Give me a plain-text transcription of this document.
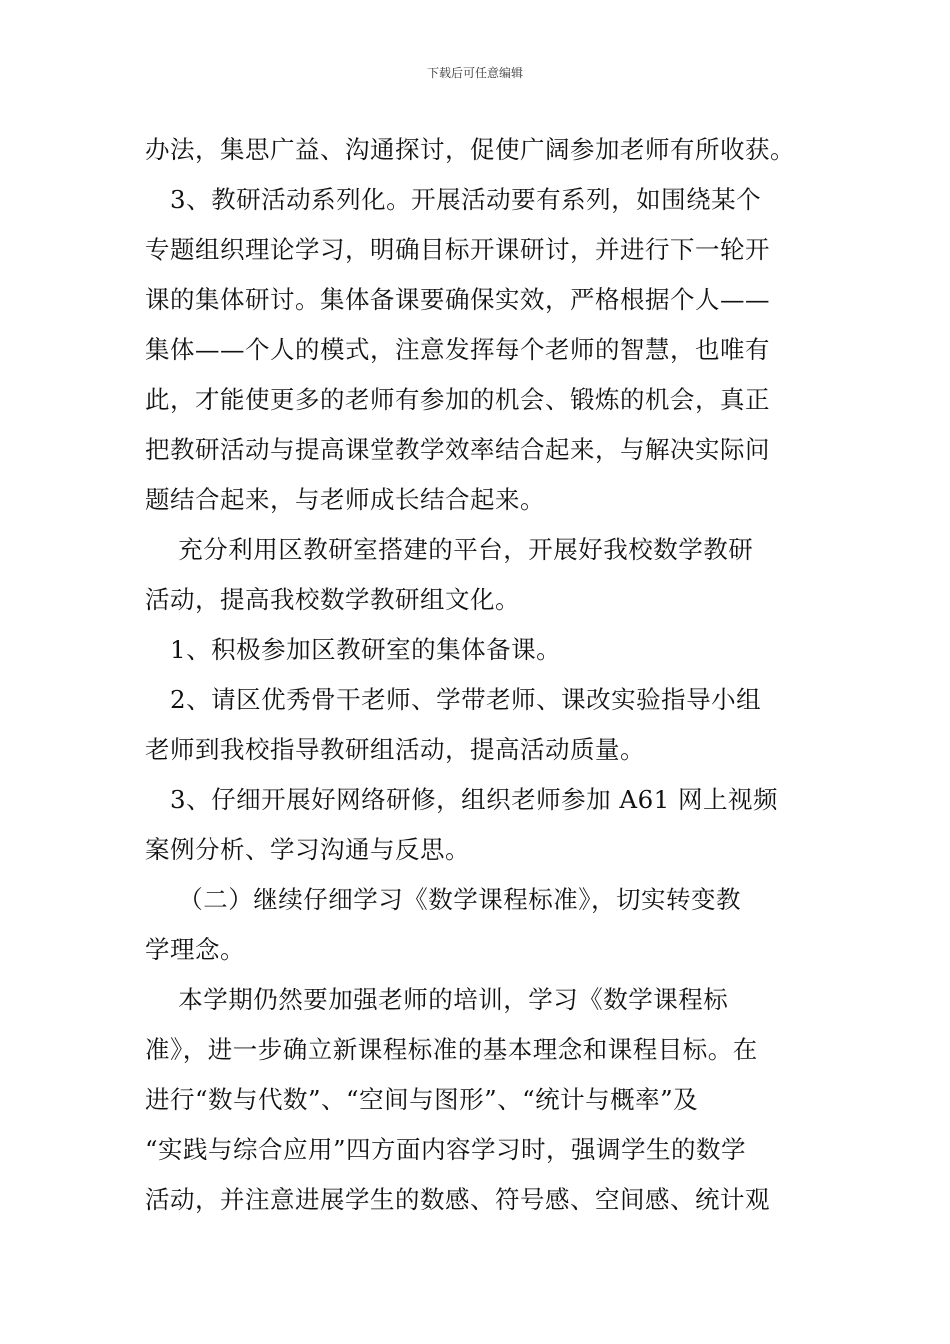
下载后可任意编辑
办法，集思广益、沟通探讨，促使广阔参加老师有所收获。
　3、教研活动系列化。开展活动要有系列，如围绕某个
专题组织理论学习，明确目标开课研讨，并进行下一轮开
课的集体研讨。集体备课要确保实效，严格根据个人——
集体——个人的模式，注意发挥每个老师的智慧，也唯有
此，才能使更多的老师有参加的机会、锻炼的机会，真正
把教研活动与提高课堂教学效率结合起来，与解决实际问
题结合起来，与老师成长结合起来。
　 充分利用区教研室搭建的平台，开展好我校数学教研
活动，提高我校数学教研组文化。
　1、积极参加区教研室的集体备课。
　2、请区优秀骨干老师、学带老师、课改实验指导小组
老师到我校指导教研组活动，提高活动质量。
　3、仔细开展好网络研修，组织老师参加 A61 网上视频
案例分析、学习沟通与反思。
　 （二）继续仔细学习《数学课程标准》，切实转变教
学理念。
　 本学期仍然要加强老师的培训，学习《数学课程标
准》，进一步确立新课程标准的基本理念和课程目标。在
进行“数与代数”、“空间与图形”、“统计与概率”及
“实践与综合应用”四方面内容学习时，强调学生的数学
活动，并注意进展学生的数感、符号感、空间感、统计观
